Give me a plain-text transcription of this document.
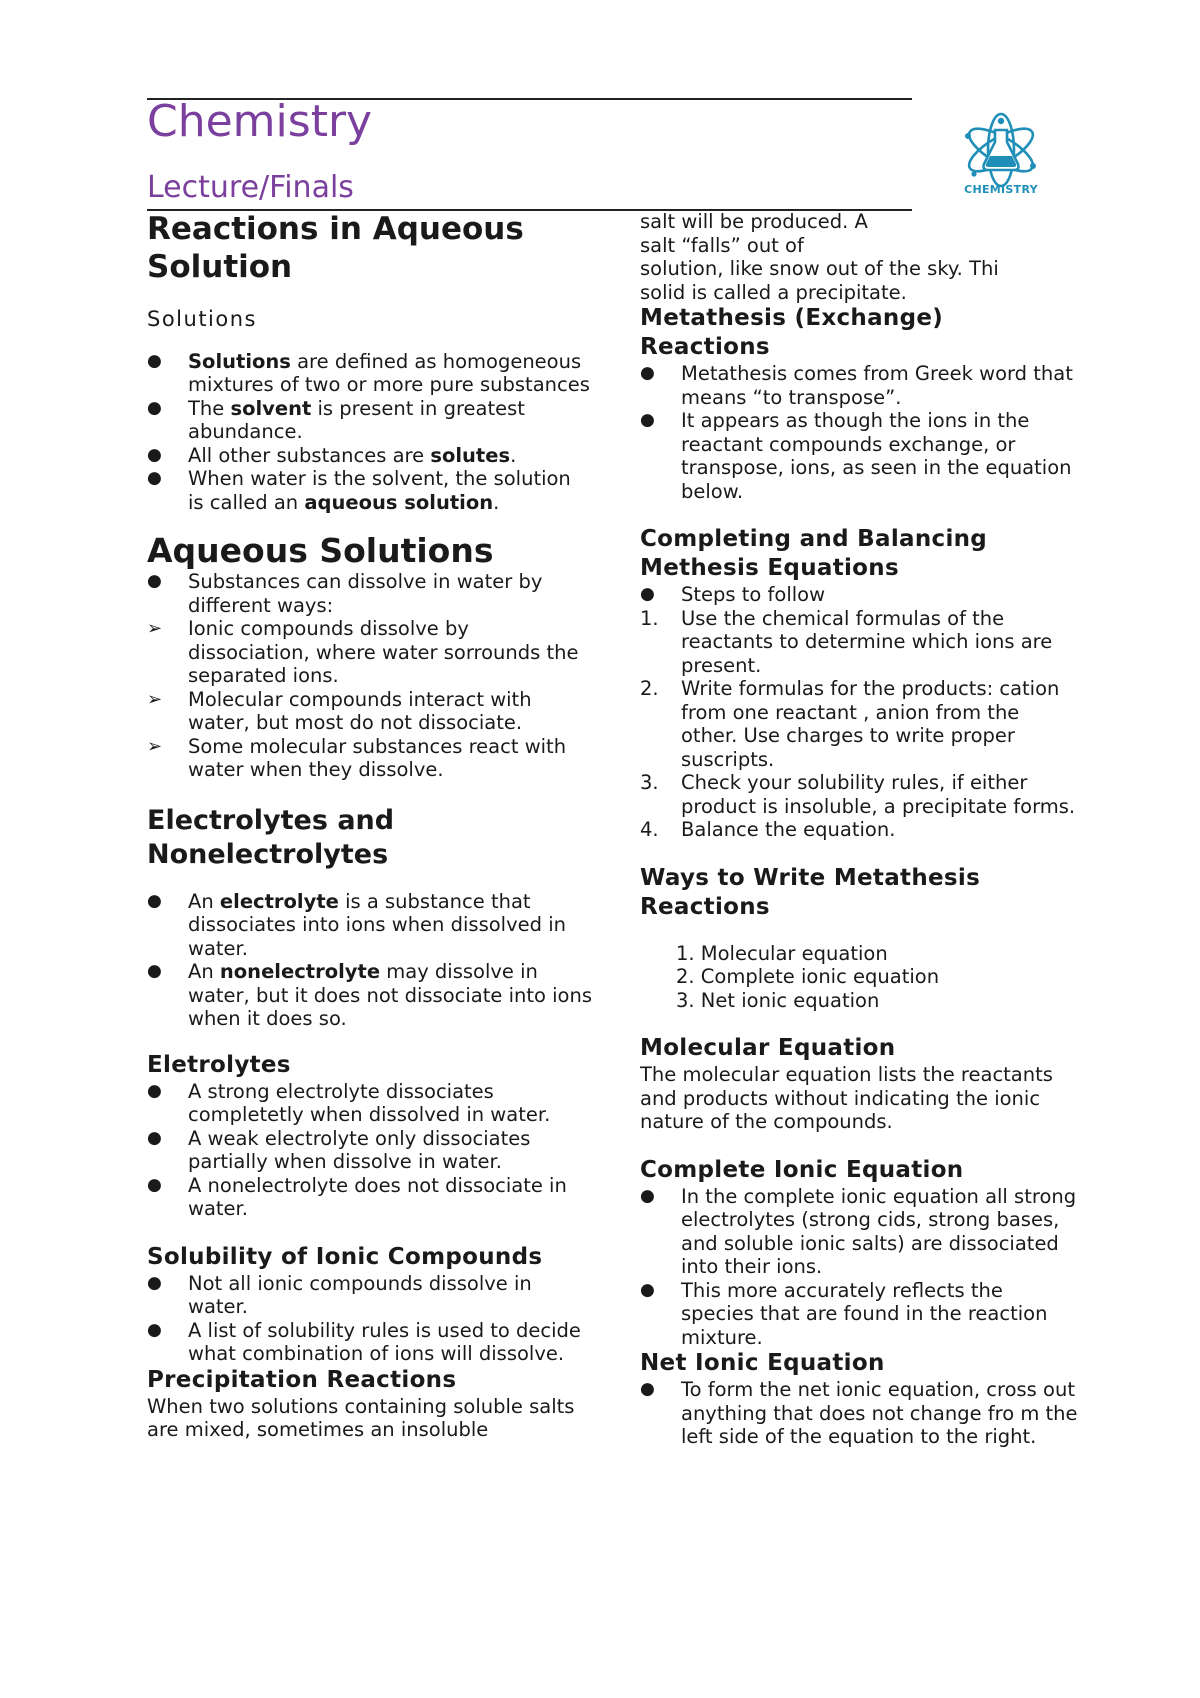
Chemistry
Lecture/Finals	CHEMISTRY
Reactions in Aqueous Solution

Solutions

● Solutions are defined as homogeneous mixtures of two or more pure substances
● The solvent is present in greatest abundance.
● All other substances are solutes.
● When water is the solvent, the solution is called an aqueous solution.
Aqueous Solutions
● Substances can dissolve in water by different ways:
➢ Ionic compounds dissolve by dissociation, where water sorrounds the separated ions.
➢ Molecular compounds interact with water, but most do not dissociate.
➢ Some molecular substances react with water when they dissolve.
Electrolytes and Nonelectrolytes
● An electrolyte is a substance that dissociates into ions when dissolved in water.
● An nonelectrolyte may dissolve in water, but it does not dissociate into ions when it does so.
Eletrolytes
● A strong electrolyte dissociates completetly when dissolved in water.
● A weak electrolyte only dissociates partially when dissolve in water.
● A nonelectrolyte does not dissociate in water.
Solubility of Ionic Compounds
● Not all ionic compounds dissolve in water.
● A list of solubility rules is used to decide what combination of ions will dissolve.
Precipitation Reactions

When two solutions containing soluble salts are mixed, sometimes an insoluble

salt will be produced. A

salt “falls” out of

solution, like snow out of the sky. Thi

solid is called a precipitate.

Metathesis (Exchange) Reactions
● Metathesis comes from Greek word that means “to transpose”.
● It appears as though the ions in the reactant compounds exchange, or transpose, ions, as seen in the equation below.
Completing and Balancing Methesis Equations
● Steps to follow
1. Use the chemical formulas of the reactants to determine which ions are present.
2. Write formulas for the products: cation from one reactant , anion from the other. Use charges to write proper suscripts.
3. Check your solubility rules, if either product is insoluble, a precipitate forms.
4. Balance the equation.
Ways to Write Metathesis Reactions

1. Molecular equation

2. Complete ionic equation

3. Net ionic equation

Molecular Equation

The molecular equation lists the reactants and products without indicating the ionic nature of the compounds.

Complete Ionic Equation
● In the complete ionic equation all strong electrolytes (strong cids, strong bases, and soluble ionic salts) are dissociated into their ions.
● This more accurately reflects the species that are found in the reaction mixture.
Net Ionic Equation
● To form the net ionic equation, cross out anything that does not change fro m the left side of the equation to the right.
